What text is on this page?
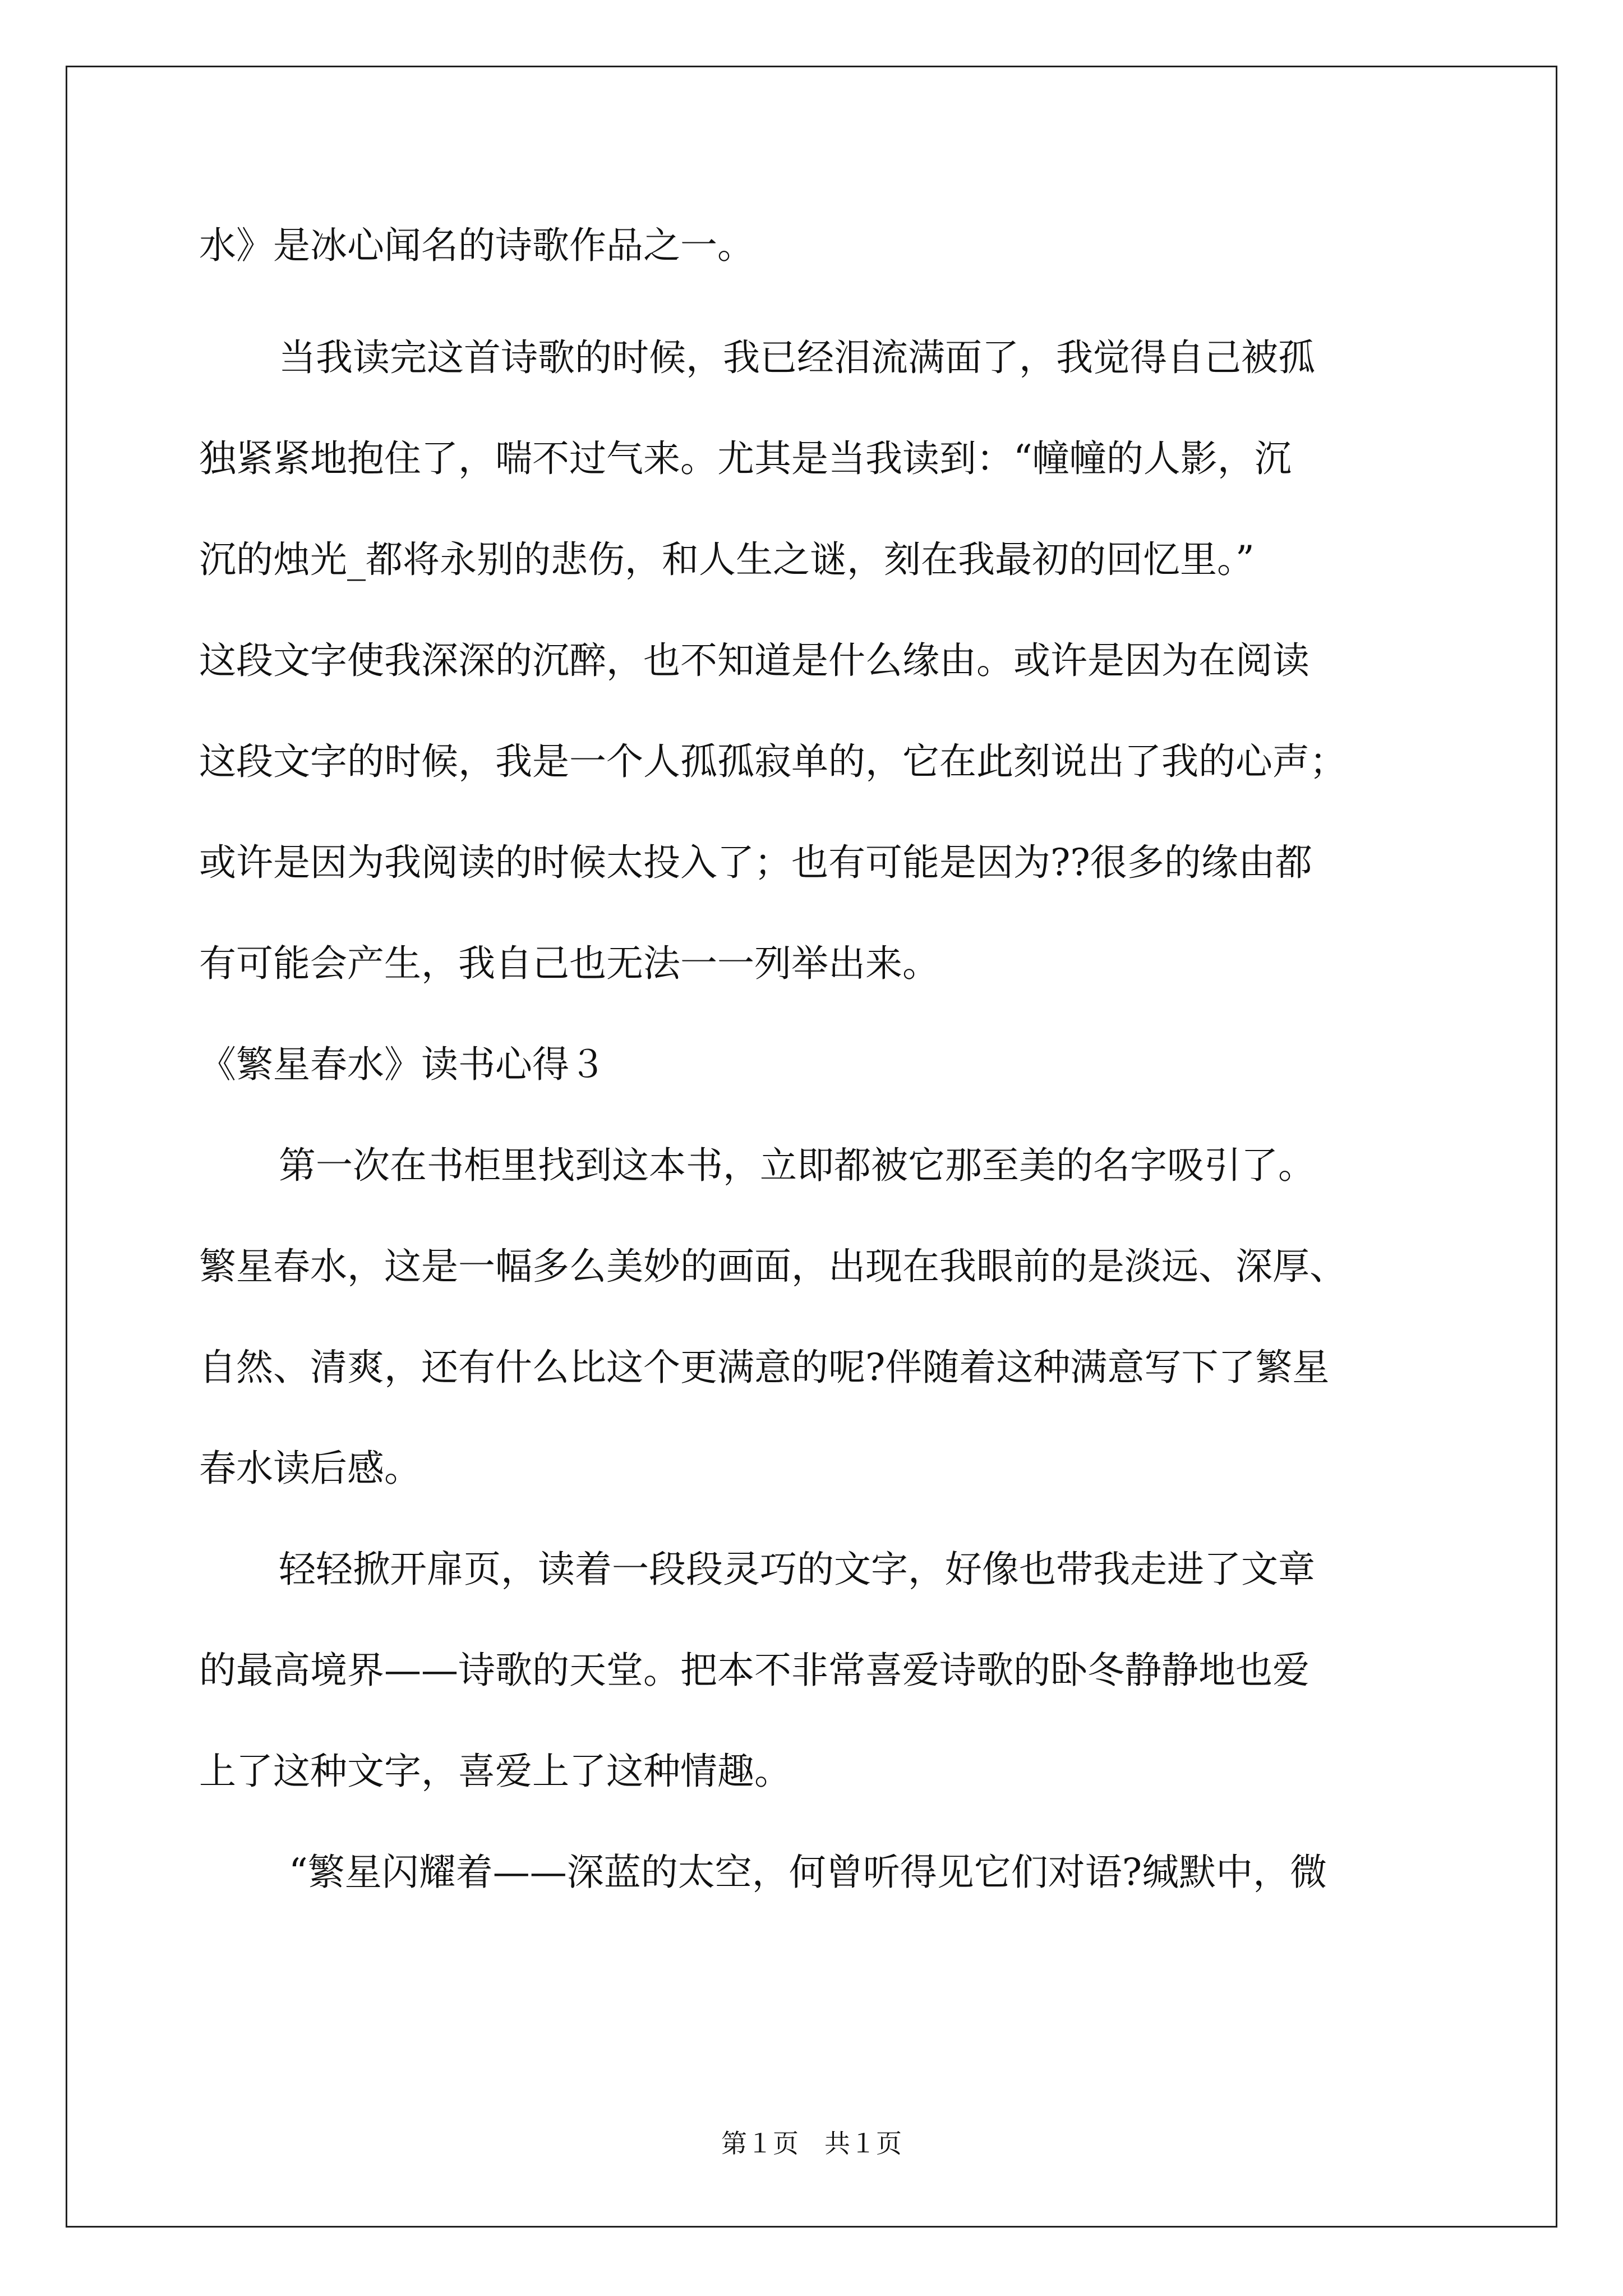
水》是冰心闻名的诗歌作品之一。

当我读完这首诗歌的时候，我已经泪流满面了，我觉得自己被孤

独紧紧地抱住了，喘不过气来。尤其是当我读到：“幢幢的人影，沉

沉的烛光_都将永别的悲伤，和人生之谜，刻在我最初的回忆里。”

这段文字使我深深的沉醉，也不知道是什么缘由。或许是因为在阅读

这段文字的时候，我是一个人孤孤寂单的，它在此刻说出了我的心声；

或许是因为我阅读的时候太投入了；也有可能是因为??很多的缘由都

有可能会产生，我自己也无法一一列举出来。

《繁星春水》读书心得３

第一次在书柜里找到这本书，立即都被它那至美的名字吸引了。

繁星春水，这是一幅多么美妙的画面，出现在我眼前的是淡远、深厚、

自然、清爽，还有什么比这个更满意的呢?伴随着这种满意写下了繁星

春水读后感。

轻轻掀开扉页，读着一段段灵巧的文字，好像也带我走进了文章

的最高境界——诗歌的天堂。把本不非常喜爱诗歌的卧冬静静地也爱

上了这种文字，喜爱上了这种情趣。

“繁星闪耀着——深蓝的太空，何曾听得见它们对语?缄默中，微

第１页　共１页
